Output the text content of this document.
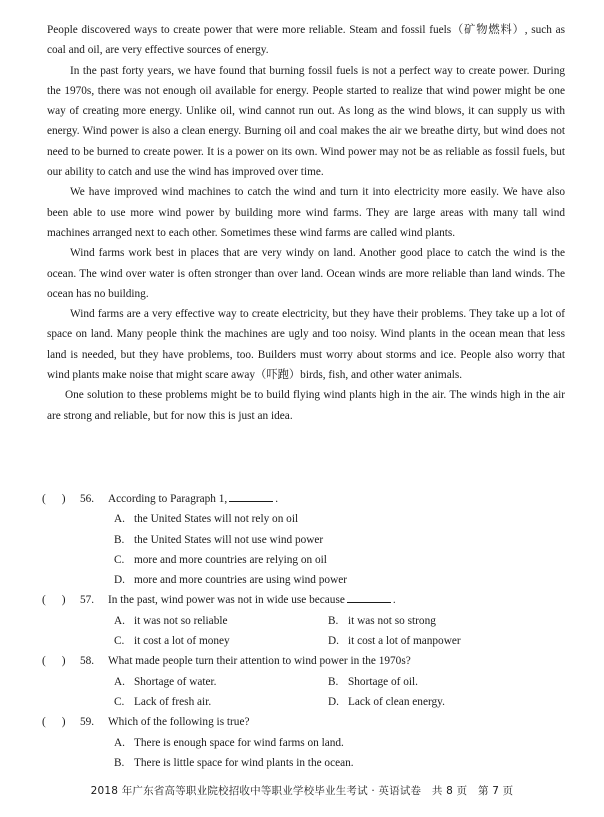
People discovered ways to create power that were more reliable. Steam and fossil fuels（矿物燃料）, such as coal and oil, are very effective sources of energy.

In the past forty years, we have found that burning fossil fuels is not a perfect way to create power. During the 1970s, there was not enough oil available for energy. People started to realize that wind power might be one way of creating more energy. Unlike oil, wind cannot run out. As long as the wind blows, it can supply us with energy. Wind power is also a clean energy. Burning oil and coal makes the air we breathe dirty, but wind does not need to be burned to create power. It is a power on its own. Wind power may not be as reliable as fossil fuels, but our ability to catch and use the wind has improved over time.

We have improved wind machines to catch the wind and turn it into electricity more easily. We have also been able to use more wind power by building more wind farms. They are large areas with many tall wind machines arranged next to each other. Sometimes these wind farms are called wind plants.

Wind farms work best in places that are very windy on land. Another good place to catch the wind is the ocean. The wind over water is often stronger than over land. Ocean winds are more reliable than land winds. The ocean has no building.

Wind farms are a very effective way to create electricity, but they have their problems. They take up a lot of space on land. Many people think the machines are ugly and too noisy. Wind plants in the ocean mean that less land is needed, but they have problems, too. Builders must worry about storms and ice. People also worry that wind plants make noise that might scare away（吓跑）birds, fish, and other water animals.

One solution to these problems might be to build flying wind plants high in the air. The winds high in the air are strong and reliable, but for now this is just an idea.

( )	56.	According to Paragraph 1,	.
A. the United States will not rely on oil
B. the United States will not use wind power
C. more and more countries are relying on oil
D. more and more countries are using wind power
( )	57.	In the past, wind power was not in wide use because	.
A. it was not so reliable	B. it was not so strong
C. it cost a lot of money	D. it cost a lot of manpower
( )	58.	What made people turn their attention to wind power in the 1970s?
A. Shortage of water.	B. Shortage of oil.
C. Lack of fresh air.	D. Lack of clean energy.
( )	59.	Which of the following is true?
A. There is enough space for wind farms on land.
B. There is little space for wind plants in the ocean.
2018 年广东省高等职业院校招收中等职业学校毕业生考试 · 英语试卷　共 8 页　第 7 页
